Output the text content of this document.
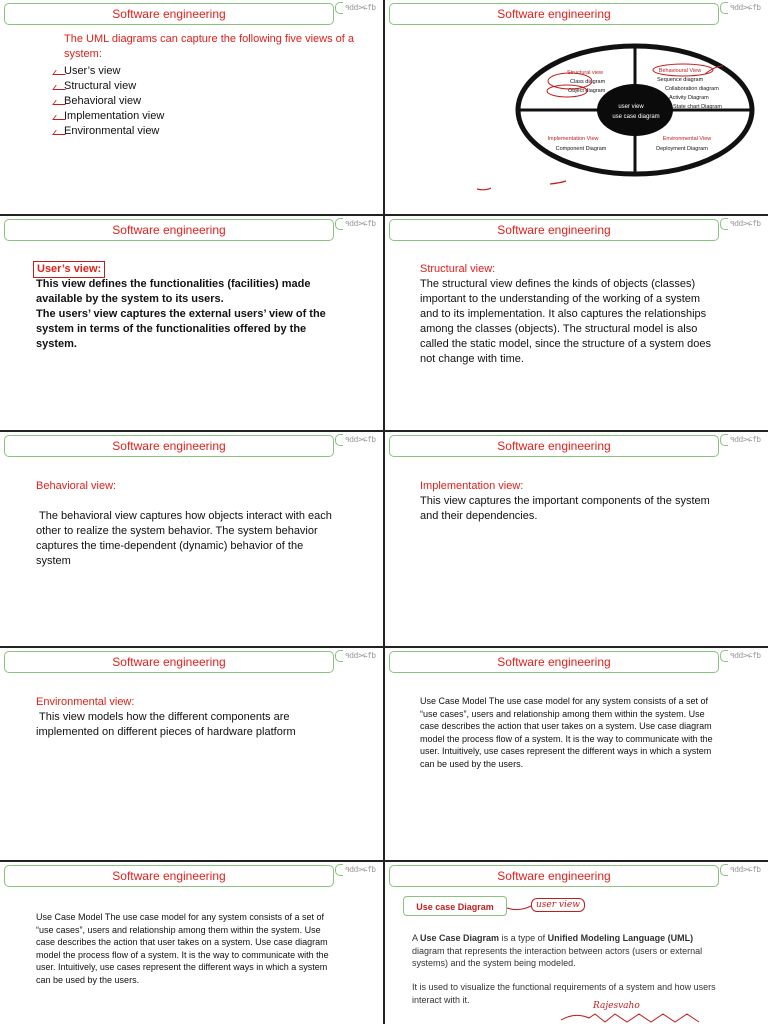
Software engineering	ዓdd>ፍfb
The UML diagrams can capture the following five views of a system:
User’s view
Structural view
Behavioral view
Implementation view
Environmental view
Software engineering	ዓdd>ፍfb
user view
use case diagram
Structural view
Class diagram
Object diagram
Behavioural View
Sequence diagram
Collaboration diagram
Activity Diagram
State chart Diagram
Implementation View
Component Diagram
Environmental View
Deployment Diagram
Software engineering	ዓdd>ፍfb
User’s view:
This view defines the functionalities (facilities) made available by the system to its users.
The users’ view captures the external users’ view of the system in terms of the functionalities offered by the system.
Software engineering	ዓdd>ፍfb
Structural view:
The structural view defines the kinds of objects (classes) important to the understanding of the working of a system and to its implementation. It also captures the relationships among the classes (objects). The structural model is also called the static model, since the structure of a system does not change with time.
Software engineering	ዓdd>ፍfb
Behavioral view:
The behavioral view captures how objects interact with each other to realize the system behavior. The system behavior captures the time-dependent (dynamic) behavior of the system
Software engineering	ዓdd>ፍfb
Implementation view:
This view captures the important components of the system and their dependencies.
Software engineering	ዓdd>ፍfb
Environmental view:
This view models how the different components are implemented on different pieces of hardware platform
Software engineering	ዓdd>ፍfb
Use Case Model The use case model for any system consists of a set of “use cases”, users and relationship among them within the system. Use case describes the action that user takes on a system. Use case diagram model the process flow of a system. It is the way to communicate with the user. Intuitively, use cases represent the different ways in which a system can be used by the users.
Software engineering	ዓdd>ፍfb
Use Case Model The use case model for any system consists of a set of “use cases”, users and relationship among them within the system. Use case describes the action that user takes on a system. Use case diagram model the process flow of a system. It is the way to communicate with the user. Intuitively, use cases represent the different ways in which a system can be used by the users.
Software engineering	ዓdd>ፍfb
Use case Diagram	user view
A Use Case Diagram is a type of Unified Modeling Language (UML) diagram that represents the interaction between actors (users or external systems) and the system being modeled.
It is used to visualize the functional requirements of a system and how users interact with it.
Rajesvaho
